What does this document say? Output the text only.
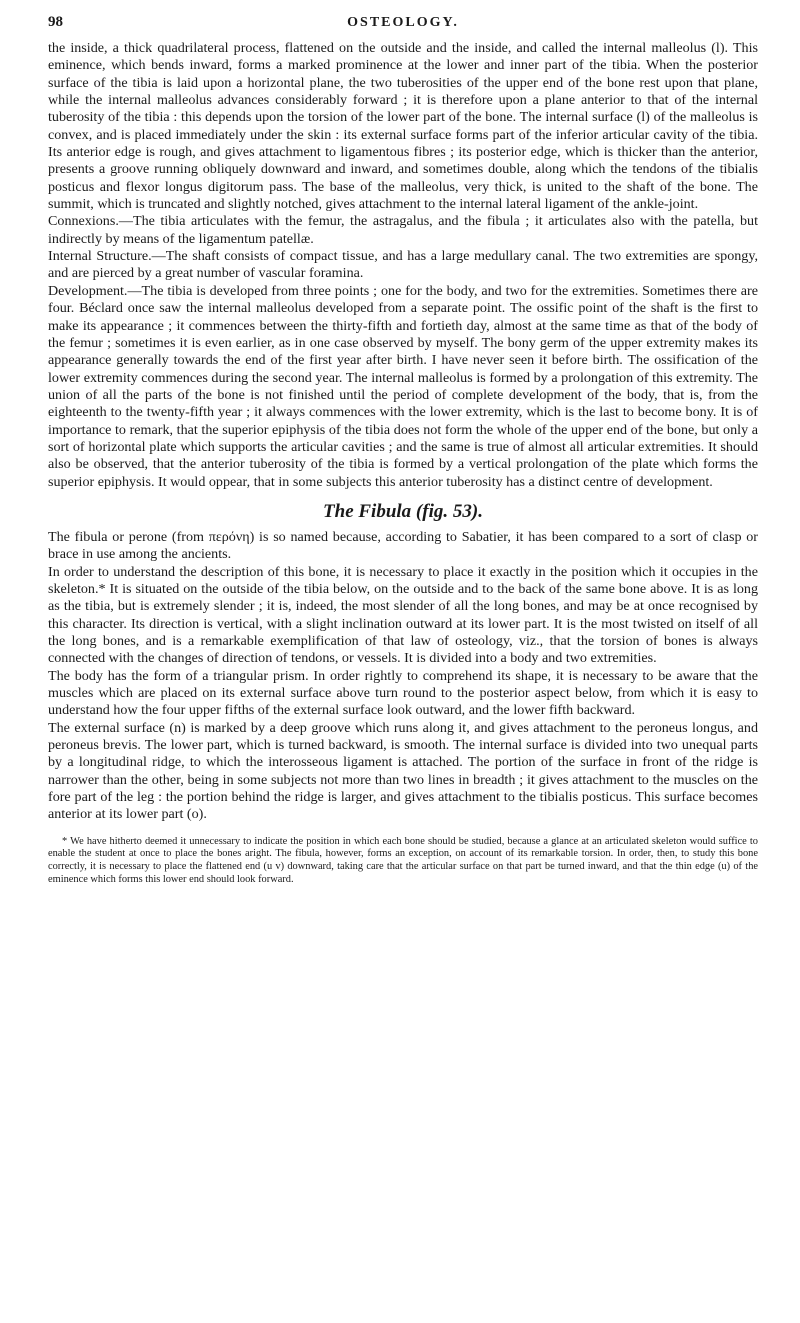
98	OSTEOLOGY.

the inside, a thick quadrilateral process, flattened on the outside and the inside, and called the internal malleolus (l). This eminence, which bends inward, forms a marked prominence at the lower and inner part of the tibia. When the posterior surface of the tibia is laid upon a horizontal plane, the two tuberosities of the upper end of the bone rest upon that plane, while the internal malleolus advances considerably forward ; it is therefore upon a plane anterior to that of the internal tuberosity of the tibia : this depends upon the torsion of the lower part of the bone. The internal surface (l) of the malleolus is convex, and is placed immediately under the skin : its external surface forms part of the inferior articular cavity of the tibia. Its anterior edge is rough, and gives attachment to ligamentous fibres ; its posterior edge, which is thicker than the anterior, presents a groove running obliquely downward and inward, and sometimes double, along which the tendons of the tibialis posticus and flexor longus digitorum pass. The base of the malleolus, very thick, is united to the shaft of the bone. The summit, which is truncated and slightly notched, gives attachment to the internal lateral ligament of the ankle-joint.

Connexions.—The tibia articulates with the femur, the astragalus, and the fibula ; it articulates also with the patella, but indirectly by means of the ligamentum patellæ.

Internal Structure.—The shaft consists of compact tissue, and has a large medullary canal. The two extremities are spongy, and are pierced by a great number of vascular foramina.

Development.—The tibia is developed from three points ; one for the body, and two for the extremities. Sometimes there are four. Béclard once saw the internal malleolus developed from a separate point. The ossific point of the shaft is the first to make its appearance ; it commences between the thirty-fifth and fortieth day, almost at the same time as that of the body of the femur ; sometimes it is even earlier, as in one case observed by myself. The bony germ of the upper extremity makes its appearance generally towards the end of the first year after birth. I have never seen it before birth. The ossification of the lower extremity commences during the second year. The internal malleolus is formed by a prolongation of this extremity. The union of all the parts of the bone is not finished until the period of complete development of the body, that is, from the eighteenth to the twenty-fifth year ; it always commences with the lower extremity, which is the last to become bony. It is of importance to remark, that the superior epiphysis of the tibia does not form the whole of the upper end of the bone, but only a sort of horizontal plate which supports the articular cavities ; and the same is true of almost all articular extremities. It should also be observed, that the anterior tuberosity of the tibia is formed by a vertical prolongation of the plate which forms the superior epiphysis. It would oppear, that in some subjects this anterior tuberosity has a distinct centre of development.

The Fibula (fig. 53).

The fibula or perone (from περόνη) is so named because, according to Sabatier, it has been compared to a sort of clasp or brace in use among the ancients.

In order to understand the description of this bone, it is necessary to place it exactly in the position which it occupies in the skeleton.* It is situated on the outside of the tibia below, on the outside and to the back of the same bone above. It is as long as the tibia, but is extremely slender ; it is, indeed, the most slender of all the long bones, and may be at once recognised by this character. Its direction is vertical, with a slight inclination outward at its lower part. It is the most twisted on itself of all the long bones, and is a remarkable exemplification of that law of osteology, viz., that the torsion of bones is always connected with the changes of direction of tendons, or vessels. It is divided into a body and two extremities.

The body has the form of a triangular prism. In order rightly to comprehend its shape, it is necessary to be aware that the muscles which are placed on its external surface above turn round to the posterior aspect below, from which it is easy to understand how the four upper fifths of the external surface look outward, and the lower fifth backward.

The external surface (n) is marked by a deep groove which runs along it, and gives attachment to the peroneus longus, and peroneus brevis. The lower part, which is turned backward, is smooth. The internal surface is divided into two unequal parts by a longitudinal ridge, to which the interosseous ligament is attached. The portion of the surface in front of the ridge is narrower than the other, being in some subjects not more than two lines in breadth ; it gives attachment to the muscles on the fore part of the leg : the portion behind the ridge is larger, and gives attachment to the tibialis posticus. This surface becomes anterior at its lower part (o).

* We have hitherto deemed it unnecessary to indicate the position in which each bone should be studied, because a glance at an articulated skeleton would suffice to enable the student at once to place the bones aright. The fibula, however, forms an exception, on account of its remarkable torsion. In order, then, to study this bone correctly, it is necessary to place the flattened end (u v) downward, taking care that the articular surface on that part be turned inward, and that the thin edge (u) of the eminence which forms this lower end should look forward.
